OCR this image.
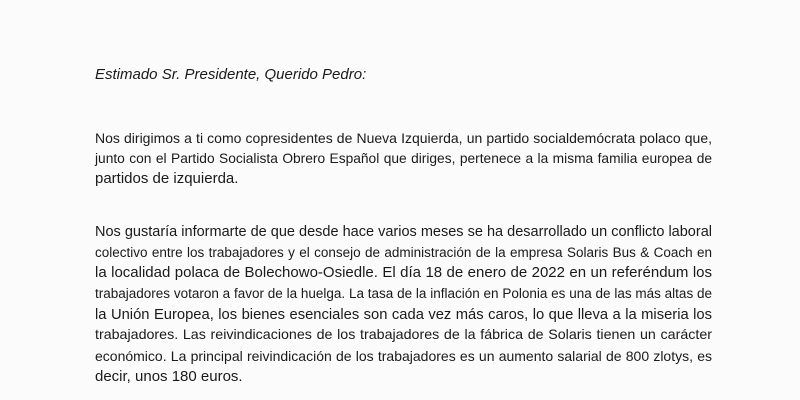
Estimado Sr. Presidente, Querido Pedro:
Nos dirigimos a ti como copresidentes de Nueva Izquierda, un partido socialdemócrata polaco que,
junto con el Partido Socialista Obrero Español que diriges, pertenece a la misma familia europea de
partidos de izquierda.
Nos gustaría informarte de que desde hace varios meses se ha desarrollado un conflicto laboral
colectivo entre los trabajadores y el consejo de administración de la empresa Solaris Bus & Coach en
la localidad polaca de Bolechowo-Osiedle. El día 18 de enero de 2022 en un referéndum los
trabajadores votaron a favor de la huelga. La tasa de la inflación en Polonia es una de las más altas de
la Unión Europea, los bienes esenciales son cada vez más caros, lo que lleva a la miseria los
trabajadores. Las reivindicaciones de los trabajadores de la fábrica de Solaris tienen un carácter
económico. La principal reivindicación de los trabajadores es un aumento salarial de 800 zlotys, es
decir, unos 180 euros.
